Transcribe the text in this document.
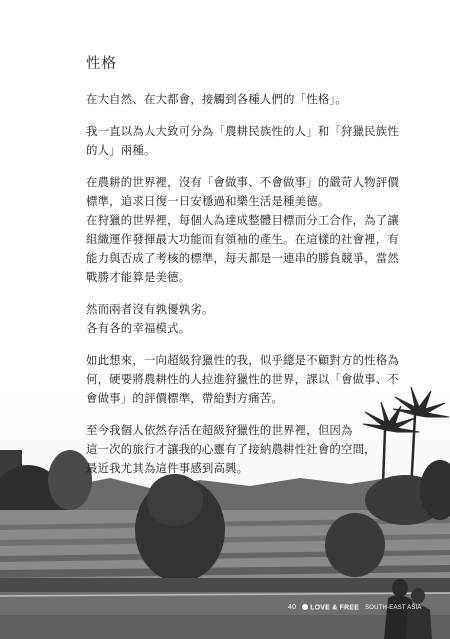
性格
在大自然、在大都會，接觸到各種人們的「性格」。
我一直以為人大致可分為「農耕民族性的人」和「狩獵民族性
的人」兩種。
在農耕的世界裡，沒有「會做事、不會做事」的嚴苛人物評價
標準，追求日復一日安穩過和樂生活是種美德。
在狩獵的世界裡，每個人為達成整體目標而分工合作，為了讓
組織運作發揮最大功能而有領袖的產生。在這樣的社會裡，有
能力與否成了考核的標準，每天都是一連串的勝負競爭，當然
戰勝才能算是美德。
然而兩者沒有孰優孰劣。
各有各的幸福模式。
如此想來，一向超級狩獵性的我，似乎總是不顧對方的性格為
何，硬要將農耕性的人拉進狩獵性的世界，課以「會做事、不
會做事」的評價標準，帶給對方痛苦。
至今我個人依然存活在超級狩獵性的世界裡，但因為
這一次的旅行才讓我的心靈有了接納農耕性社會的空間，
最近我尤其為這件事感到高興。
40	LOVE & FREE SOUTH-EAST ASIA
